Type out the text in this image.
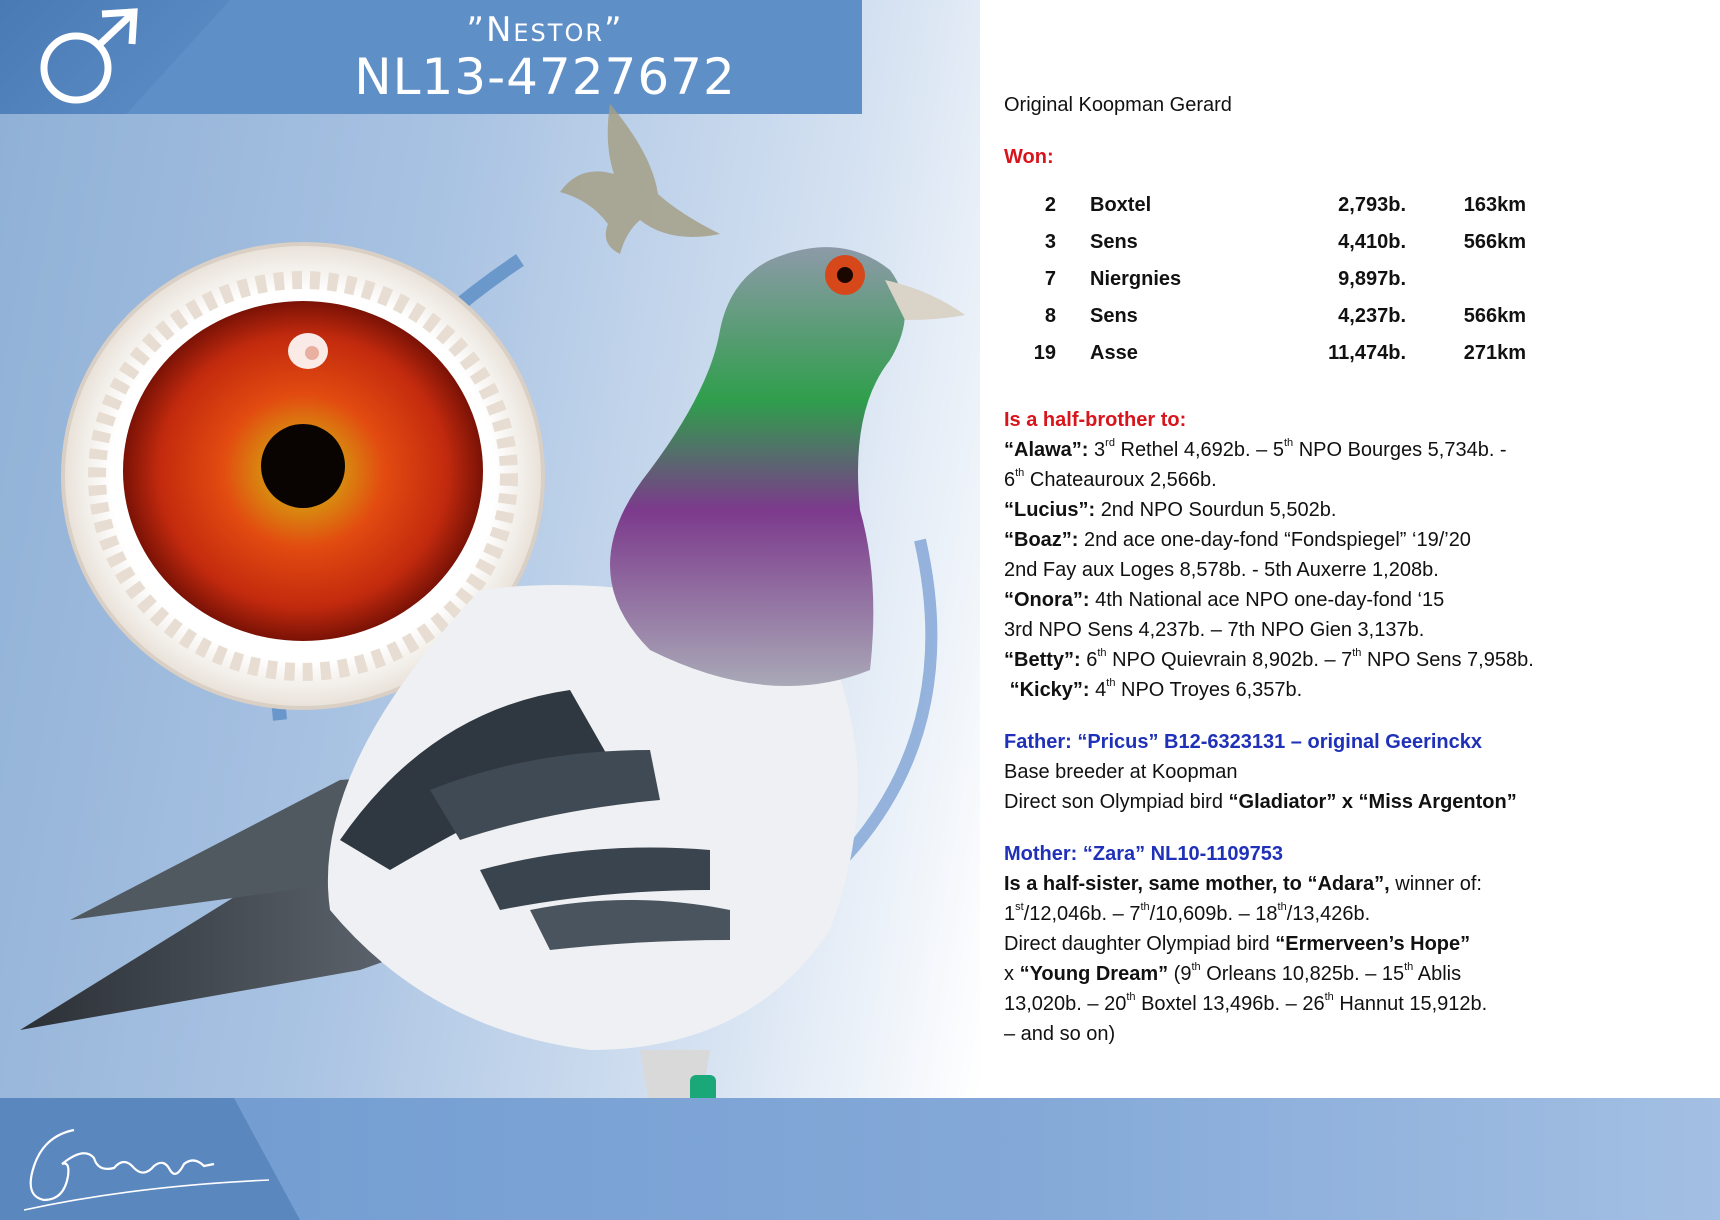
”Nestor”
NL13-4727672	Original Koopman Gerard
Won:
2	Boxtel	2,793b.	163km
3	Sens	4,410b.	566km
7	Niergnies	9,897b.	
8	Sens	4,237b.	566km
19	Asse	11,474b.	271km
Is a half-brother to:
“Alawa”: 3rd Rethel 4,692b. – 5th NPO Bourges 5,734b. -
6th Chateauroux 2,566b.
“Lucius”: 2nd NPO Sourdun 5,502b.
“Boaz”: 2nd ace one-day-fond “Fondspiegel” ‘19/’20
2nd Fay aux Loges 8,578b. - 5th Auxerre 1,208b.
“Onora”: 4th National ace NPO one-day-fond ‘15
3rd NPO Sens 4,237b. – 7th NPO Gien 3,137b.
“Betty”: 6th NPO Quievrain 8,902b. – 7th NPO Sens 7,958b.
“Kicky”: 4th NPO Troyes 6,357b.
Father: “Pricus” B12-6323131 – original Geerinckx
Base breeder at Koopman
Direct son Olympiad bird “Gladiator” x “Miss Argenton”
Mother: “Zara” NL10-1109753
Is a half-sister, same mother, to “Adara”, winner of:
1st/12,046b. – 7th/10,609b. – 18th/13,426b.
Direct daughter Olympiad bird “Ermerveen’s Hope”
x “Young Dream” (9th Orleans 10,825b. – 15th Ablis
13,020b. – 20th Boxtel 13,496b. – 26th Hannut 15,912b.
– and so on)
